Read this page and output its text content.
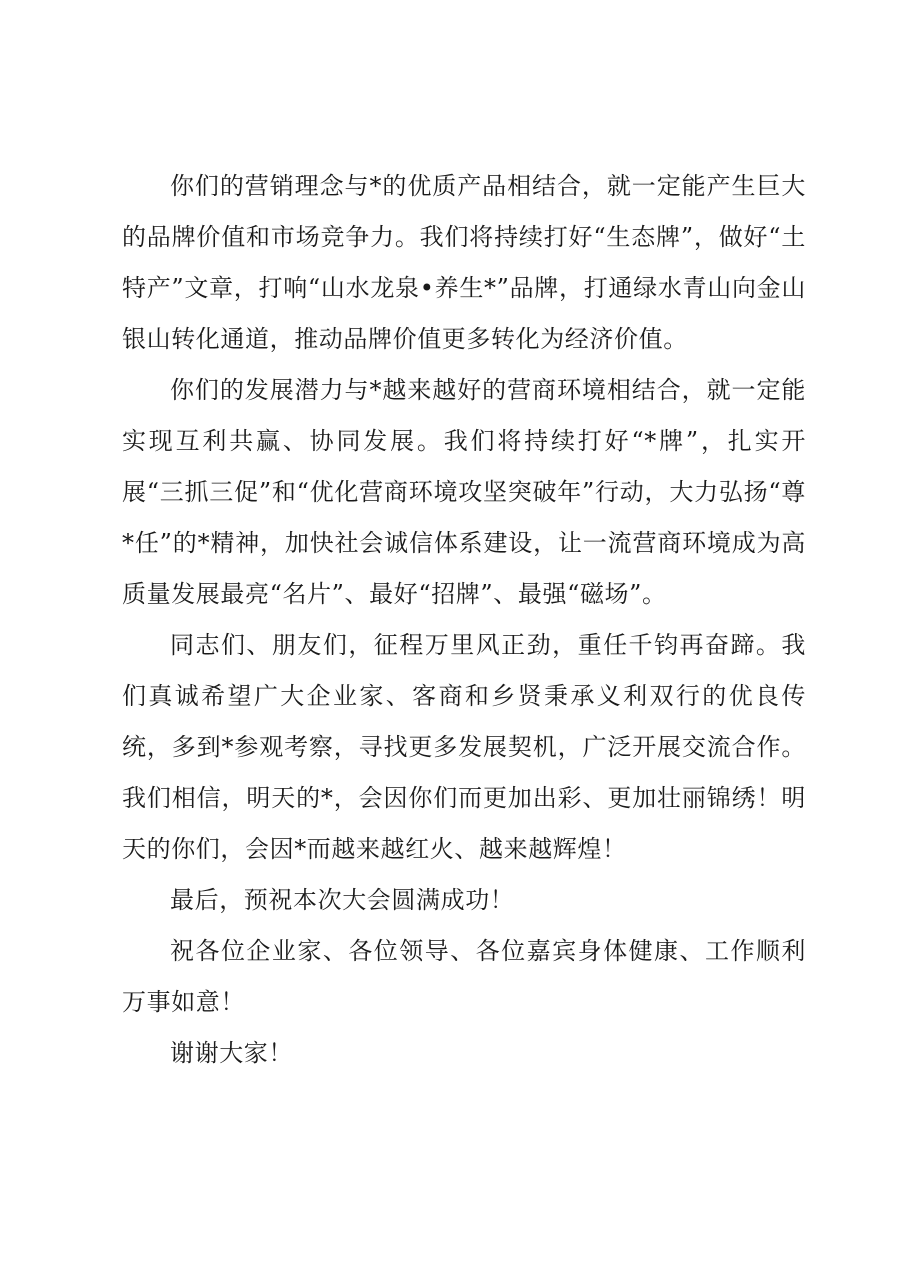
你们的营销理念与*的优质产品相结合，就一定能产生巨大的品牌价值和市场竞争力。我们将持续打好“生态牌”，做好“土特产”文章，打响“山水龙泉•养生*”品牌，打通绿水青山向金山银山转化通道，推动品牌价值更多转化为经济价值。

你们的发展潜力与*越来越好的营商环境相结合，就一定能实现互利共赢、协同发展。我们将持续打好“*牌”，扎实开展“三抓三促”和“优化营商环境攻坚突破年”行动，大力弘扬“尊*任”的*精神，加快社会诚信体系建设，让一流营商环境成为高质量发展最亮“名片”、最好“招牌”、最强“磁场”。

同志们、朋友们，征程万里风正劲，重任千钧再奋蹄。我们真诚希望广大企业家、客商和乡贤秉承义利双行的优良传统，多到*参观考察，寻找更多发展契机，广泛开展交流合作。我们相信，明天的*，会因你们而更加出彩、更加壮丽锦绣！明天的你们，会因*而越来越红火、越来越辉煌！

最后，预祝本次大会圆满成功！

祝各位企业家、各位领导、各位嘉宾身体健康、工作顺利万事如意！

谢谢大家！
